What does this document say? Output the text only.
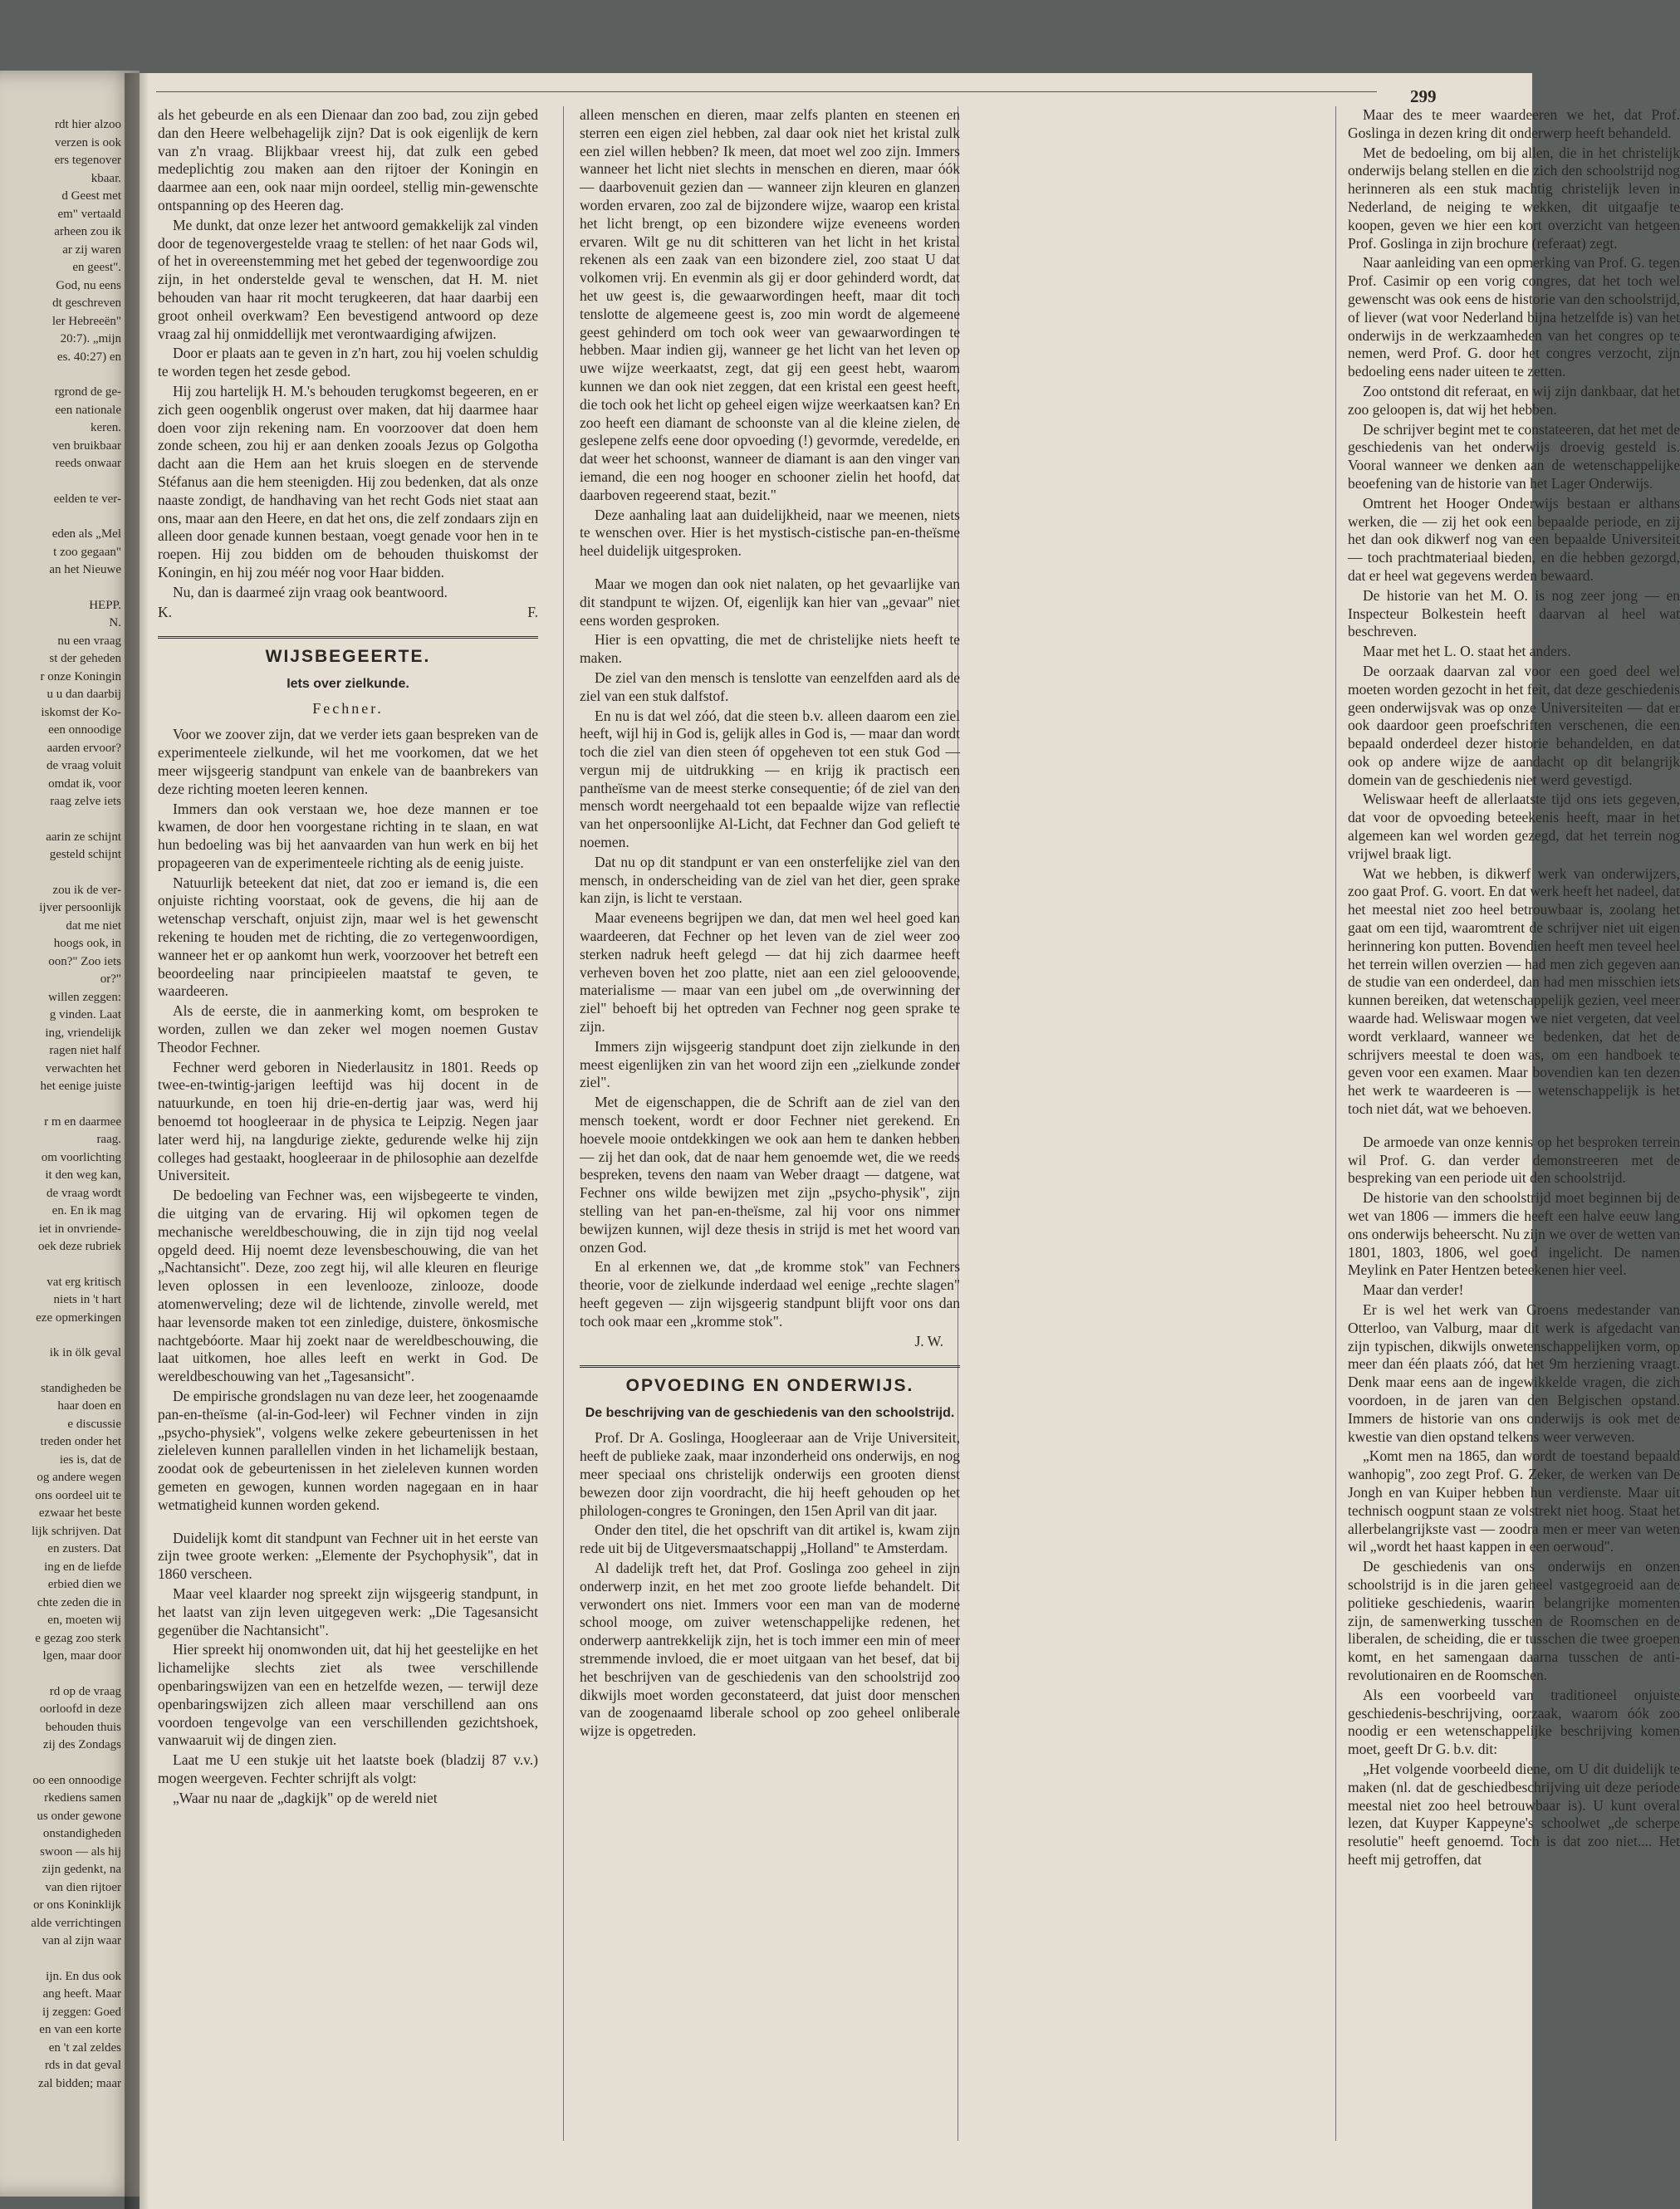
rdt hier alzoo
verzen is ook
ers tegenover
kbaar.
d Geest met
em" vertaald
arheen zou ik
ar zij waren
en geest".
God, nu eens
dt geschreven
ler Hebreeën"
20:7). „mijn
es. 40:27) en
rgrond de ge-
een nationale
keren.
ven bruikbaar
reeds onwaar
eelden te ver-
eden als „Mel
t zoo gegaan"
an het Nieuwe
HEPP.
N.
nu een vraag
st der geheden
r onze Koningin
u u dan daarbij
iskomst der Ko-
een onnoodige
aarden ervoor?
de vraag voluit
omdat ik, voor
raag zelve iets
aarin ze schijnt
gesteld schijnt
zou ik de ver-
ijver persoonlijk
dat me niet
hoogs ook, in
oon?" Zoo iets
or?"
willen zeggen:
g vinden. Laat
ing, vriendelijk
ragen niet half
verwachten het
het eenige juiste
r m en daarmee
raag.
om voorlichting
it den weg kan,
de vraag wordt
en. En ik mag
iet in onvriende-
oek deze rubriek
vat erg kritisch
niets in 't hart
eze opmerkingen
ik in ölk geval
standigheden be
haar doen en
e discussie
treden onder het
ies is, dat de
og andere wegen
ons oordeel uit te
ezwaar het beste
lijk schrijven. Dat
en zusters. Dat
ing en de liefde
erbied dien we
chte zeden die in
en, moeten wij
e gezag zoo sterk
lgen, maar door
rd op de vraag
oorloofd in deze
behouden thuis
zij des Zondags
oo een onnoodige
rkediens samen
us onder gewone
onstandigheden
swoon — als hij
zijn gedenkt, na
van dien rijtoer
or ons Koninklijk
alde verrichtingen
van al zijn waar
ijn. En dus ook
ang heeft. Maar
ij zeggen: Goed
en van een korte
en 't zal zeldes
rds in dat geval
zal bidden; maar
299

als het gebeurde en als een Dienaar dan zoo bad, zou zijn gebed dan den Heere welbehagelijk zijn? Dat is ook eigenlijk de kern van z'n vraag. Blijkbaar vreest hij, dat zulk een gebed medeplichtig zou maken aan den rijtoer der Koningin en daarmee aan een, ook naar mijn oordeel, stellig min-gewenschte ontspanning op des Heeren dag.

Me dunkt, dat onze lezer het antwoord gemakkelijk zal vinden door de tegenovergestelde vraag te stellen: of het naar Gods wil, of het in overeenstemming met het gebed der tegenwoordige zou zijn, in het onderstelde geval te wenschen, dat H. M. niet behouden van haar rit mocht terugkeeren, dat haar daarbij een groot onheil overkwam? Een bevestigend antwoord op deze vraag zal hij onmiddellijk met verontwaardiging afwijzen.

Door er plaats aan te geven in z'n hart, zou hij voelen schuldig te worden tegen het zesde gebod.

Hij zou hartelijk H. M.'s behouden terugkomst begeeren, en er zich geen oogenblik ongerust over maken, dat hij daarmee haar doen voor zijn rekening nam. En voorzoover dat doen hem zonde scheen, zou hij er aan denken zooals Jezus op Golgotha dacht aan die Hem aan het kruis sloegen en de stervende Stéfanus aan die hem steenigden. Hij zou bedenken, dat als onze naaste zondigt, de handhaving van het recht Gods niet staat aan ons, maar aan den Heere, en dat het ons, die zelf zondaars zijn en alleen door genade kunnen bestaan, voegt genade voor hen in te roepen. Hij zou bidden om de behouden thuiskomst der Koningin, en hij zou méér nog voor Haar bidden.

Nu, dan is daarmeé zijn vraag ook beantwoord.

K.	F.
WIJSBEGEERTE.
Iets over zielkunde.
Fechner.

Voor we zoover zijn, dat we verder iets gaan bespreken van de experimenteele zielkunde, wil het me voorkomen, dat we het meer wijsgeerig standpunt van enkele van de baanbrekers van deze richting moeten leeren kennen.

Immers dan ook verstaan we, hoe deze mannen er toe kwamen, de door hen voorgestane richting in te slaan, en wat hun bedoeling was bij het aanvaarden van hun werk en bij het propageeren van de experimenteele richting als de eenig juiste.

Natuurlijk beteekent dat niet, dat zoo er iemand is, die een onjuiste richting voorstaat, ook de gevens, die hij aan de wetenschap verschaft, onjuist zijn, maar wel is het gewenscht rekening te houden met de richting, die zo vertegenwoordigen, wanneer het er op aankomt hun werk, voorzoover het betreft een beoordeeling naar principieelen maatstaf te geven, te waardeeren.

Als de eerste, die in aanmerking komt, om besproken te worden, zullen we dan zeker wel mogen noemen Gustav Theodor Fechner.

Fechner werd geboren in Niederlausitz in 1801. Reeds op twee-en-twintig-jarigen leeftijd was hij docent in de natuurkunde, en toen hij drie-en-dertig jaar was, werd hij benoemd tot hoogleeraar in de physica te Leipzig. Negen jaar later werd hij, na langdurige ziekte, gedurende welke hij zijn colleges had gestaakt, hoogleeraar in de philosophie aan dezelfde Universiteit.

De bedoeling van Fechner was, een wijsbegeerte te vinden, die uitging van de ervaring. Hij wil opkomen tegen de mechanische wereldbeschouwing, die in zijn tijd nog veelal opgeld deed. Hij noemt deze levensbeschouwing, die van het „Nachtansicht". Deze, zoo zegt hij, wil alle kleuren en fleurige leven oplossen in een levenlooze, zinlooze, doode atomenwerveling; deze wil de lichtende, zinvolle wereld, met haar levensorde maken tot een zinledige, duistere, önkosmische nachtgebóorte. Maar hij zoekt naar de wereldbeschouwing, die laat uitkomen, hoe alles leeft en werkt in God. De wereldbeschouwing van het „Tagesansicht".

De empirische grondslagen nu van deze leer, het zoogenaamde pan-en-theïsme (al-in-God-leer) wil Fechner vinden in zijn „psycho-physiek", volgens welke zekere gebeurtenissen in het zieleleven kunnen parallellen vinden in het lichamelijk bestaan, zoodat ook de gebeurtenissen in het zieleleven kunnen worden gemeten en gewogen, kunnen worden nagegaan en in haar wetmatigheid kunnen worden gekend.

Duidelijk komt dit standpunt van Fechner uit in het eerste van zijn twee groote werken: „Elemente der Psychophysik", dat in 1860 verscheen.

Maar veel klaarder nog spreekt zijn wijsgeerig standpunt, in het laatst van zijn leven uitgegeven werk: „Die Tagesansicht gegenüber die Nachtansicht".

Hier spreekt hij onomwonden uit, dat hij het geestelijke en het lichamelijke slechts ziet als twee verschillende openbaringswijzen van een en hetzelfde wezen, — terwijl deze openbaringswijzen zich alleen maar verschillend aan ons voordoen tengevolge van een verschillenden gezichtshoek, vanwaaruit wij de dingen zien.

Laat me U een stukje uit het laatste boek (bladzij 87 v.v.) mogen weergeven. Fechter schrijft als volgt:

„Waar nu naar de „dagkijk" op de wereld niet

alleen menschen en dieren, maar zelfs planten en steenen en sterren een eigen ziel hebben, zal daar ook niet het kristal zulk een ziel willen hebben? Ik meen, dat moet wel zoo zijn. Immers wanneer het licht niet slechts in menschen en dieren, maar óók — daarbovenuit gezien dan — wanneer zijn kleuren en glanzen worden ervaren, zoo zal de bijzondere wijze, waarop een kristal het licht brengt, op een bizondere wijze eveneens worden ervaren. Wilt ge nu dit schitteren van het licht in het kristal rekenen als een zaak van een bizondere ziel, zoo staat U dat volkomen vrij. En evenmin als gij er door gehinderd wordt, dat het uw geest is, die gewaarwordingen heeft, maar dit toch tenslotte de algemeene geest is, zoo min wordt de algemeene geest gehinderd om toch ook weer van gewaarwordingen te hebben. Maar indien gij, wanneer ge het licht van het leven op uwe wijze weerkaatst, zegt, dat gij een geest hebt, waarom kunnen we dan ook niet zeggen, dat een kristal een geest heeft, die toch ook het licht op geheel eigen wijze weerkaatsen kan? En zoo heeft een diamant de schoonste van al die kleine zielen, de geslepene zelfs eene door opvoeding (!) gevormde, veredelde, en dat weer het schoonst, wanneer de diamant is aan den vinger van iemand, die een nog hooger en schooner zielin het hoofd, dat daarboven regeerend staat, bezit."

Deze aanhaling laat aan duidelijkheid, naar we meenen, niets te wenschen over. Hier is het mystisch-cistische pan-en-theïsme heel duidelijk uitgesproken.

Maar we mogen dan ook niet nalaten, op het gevaarlijke van dit standpunt te wijzen. Of, eigenlijk kan hier van „gevaar" niet eens worden gesproken.

Hier is een opvatting, die met de christelijke niets heeft te maken.

De ziel van den mensch is tenslotte van eenzelfden aard als de ziel van een stuk dalfstof.

En nu is dat wel zóó, dat die steen b.v. alleen daarom een ziel heeft, wijl hij in God is, gelijk alles in God is, — maar dan wordt toch die ziel van dien steen óf opgeheven tot een stuk God — vergun mij de uitdrukking — en krijg ik practisch een pantheïsme van de meest sterke consequentie; óf de ziel van den mensch wordt neergehaald tot een bepaalde wijze van reflectie van het onpersoonlijke Al-Licht, dat Fechner dan God gelieft te noemen.

Dat nu op dit standpunt er van een onsterfelijke ziel van den mensch, in onderscheiding van de ziel van het dier, geen sprake kan zijn, is licht te verstaan.

Maar eveneens begrijpen we dan, dat men wel heel goed kan waardeeren, dat Fechner op het leven van de ziel weer zoo sterken nadruk heeft gelegd — dat hij zich daarmee heeft verheven boven het zoo platte, niet aan een ziel gelooovende, materialisme — maar van een jubel om „de overwinning der ziel" behoeft bij het optreden van Fechner nog geen sprake te zijn.

Immers zijn wijsgeerig standpunt doet zijn zielkunde in den meest eigenlijken zin van het woord zijn een „zielkunde zonder ziel".

Met de eigenschappen, die de Schrift aan de ziel van den mensch toekent, wordt er door Fechner niet gerekend. En hoevele mooie ontdekkingen we ook aan hem te danken hebben — zij het dan ook, dat de naar hem genoemde wet, die we reeds bespreken, tevens den naam van Weber draagt — datgene, wat Fechner ons wilde bewijzen met zijn „psycho-physik", zijn stelling van het pan-en-theïsme, zal hij voor ons nimmer bewijzen kunnen, wijl deze thesis in strijd is met het woord van onzen God.

En al erkennen we, dat „de kromme stok" van Fechners theorie, voor de zielkunde inderdaad wel eenige „rechte slagen" heeft gegeven — zijn wijsgeerig standpunt blijft voor ons dan toch ook maar een „kromme stok".

J. W.

OPVOEDING EN ONDERWIJS.
De beschrijving van de geschiedenis van den schoolstrijd.

Prof. Dr A. Goslinga, Hoogleeraar aan de Vrije Universiteit, heeft de publieke zaak, maar inzonderheid ons onderwijs, en nog meer speciaal ons christelijk onderwijs een grooten dienst bewezen door zijn voordracht, die hij heeft gehouden op het philologen-congres te Groningen, den 15en April van dit jaar.

Onder den titel, die het opschrift van dit artikel is, kwam zijn rede uit bij de Uitgeversmaatschappij „Holland" te Amsterdam.

Al dadelijk treft het, dat Prof. Goslinga zoo geheel in zijn onderwerp inzit, en het met zoo groote liefde behandelt. Dit verwondert ons niet. Immers voor een man van de moderne school mooge, om zuiver wetenschappelijke redenen, het onderwerp aantrekkelijk zijn, het is toch immer een min of meer stremmende invloed, die er moet uitgaan van het besef, dat bij het beschrijven van de geschiedenis van den schoolstrijd zoo dikwijls moet worden geconstateerd, dat juist door menschen van de zoogenaamd liberale school op zoo geheel onliberale wijze is opgetreden.

Maar des te meer waardeeren we het, dat Prof. Goslinga in dezen kring dit onderwerp heeft behandeld.

Met de bedoeling, om bij allen, die in het christelijk onderwijs belang stellen en die zich den schoolstrijd nog herinneren als een stuk machtig christelijk leven in Nederland, de neiging te wekken, dit uitgaafje te koopen, geven we hier een kort overzicht van hetgeen Prof. Goslinga in zijn brochure (referaat) zegt.

Naar aanleiding van een opmerking van Prof. G. tegen Prof. Casimir op een vorig congres, dat het toch wel gewenscht was ook eens de historie van den schoolstrijd, of liever (wat voor Nederland bijna hetzelfde is) van het onderwijs in de werkzaamheden van het congres op te nemen, werd Prof. G. door het congres verzocht, zijn bedoeling eens nader uiteen te zetten.

Zoo ontstond dit referaat, en wij zijn dankbaar, dat het zoo geloopen is, dat wij het hebben.

De schrijver begint met te constateeren, dat het met de geschiedenis van het onderwijs droevig gesteld is. Vooral wanneer we denken aan de wetenschappelijke beoefening van de historie van het Lager Onderwijs.

Omtrent het Hooger Onderwijs bestaan er althans werken, die — zij het ook een bepaalde periode, en zij het dan ook dikwerf nog van een bepaalde Universiteit — toch prachtmateriaal bieden, en die hebben gezorgd, dat er heel wat gegevens werden bewaard.

De historie van het M. O. is nog zeer jong — en Inspecteur Bolkestein heeft daarvan al heel wat beschreven.

Maar met het L. O. staat het anders.

De oorzaak daarvan zal voor een goed deel wel moeten worden gezocht in het feit, dat deze geschiedenis geen onderwijsvak was op onze Universiteiten — dat er ook daardoor geen proefschriften verschenen, die een bepaald onderdeel dezer historie behandelden, en dat ook op andere wijze de aandacht op dit belangrijk domein van de geschiedenis niet werd gevestigd.

Weliswaar heeft de allerlaatste tijd ons iets gegeven, dat voor de opvoeding beteekenis heeft, maar in het algemeen kan wel worden gezegd, dat het terrein nog vrijwel braak ligt.

Wat we hebben, is dikwerf werk van onderwijzers, zoo gaat Prof. G. voort. En dat werk heeft het nadeel, dat het meestal niet zoo heel betrouwbaar is, zoolang het gaat om een tijd, waaromtrent de schrijver niet uit eigen herinnering kon putten. Bovendien heeft men teveel heel het terrein willen overzien — had men zich gegeven aan de studie van een onderdeel, dan had men misschien iets kunnen bereiken, dat wetenschappelijk gezien, veel meer waarde had. Weliswaar mogen we niet vergeten, dat veel wordt verklaard, wanneer we bedenken, dat het de schrijvers meestal te doen was, om een handboek te geven voor een examen. Maar bovendien kan ten dezen het werk te waardeeren is — wetenschappelijk is het toch niet dát, wat we behoeven.

De armoede van onze kennis op het besproken terrein wil Prof. G. dan verder demonstreeren met de bespreking van een periode uit den schoolstrijd.

De historie van den schoolstrijd moet beginnen bij de wet van 1806 — immers die heeft een halve eeuw lang ons onderwijs beheerscht. Nu zijn we over de wetten van 1801, 1803, 1806, wel goed ingelicht. De namen Meylink en Pater Hentzen beteekenen hier veel.

Maar dan verder!

Er is wel het werk van Groens medestander van Otterloo, van Valburg, maar dit werk is afgedacht van zijn typischen, dikwijls onwetenschappelijken vorm, op meer dan één plaats zóó, dat het 9m herziening vraagt. Denk maar eens aan de ingewikkelde vragen, die zich voordoen, in de jaren van den Belgischen opstand. Immers de historie van ons onderwijs is ook met de kwestie van dien opstand telkens weer verweven.

„Komt men na 1865, dan wordt de toestand bepaald wanhopig", zoo zegt Prof. G. Zeker, de werken van De Jongh en van Kuiper hebben hun verdienste. Maar uit technisch oogpunt staan ze volstrekt niet hoog. Staat het allerbelangrijkste vast — zoodra men er meer van weten wil „wordt het haast kappen in een oerwoud".

De geschiedenis van ons onderwijs en onzen schoolstrijd is in die jaren geheel vastgegroeid aan de politieke geschiedenis, waarin belangrijke momenten zijn, de samenwerking tusschen de Roomschen en de liberalen, de scheiding, die er tusschen die twee groepen komt, en het samengaan daarna tusschen de anti-revolutionairen en de Roomschen.

Als een voorbeeld van traditioneel onjuiste geschiedenis-beschrijving, oorzaak, waarom óók zoo noodig er een wetenschappelijke beschrijving komen moet, geeft Dr G. b.v. dit:

„Het volgende voorbeeld diene, om U dit duidelijk te maken (nl. dat de geschiedbeschrijving uit deze periode meestal niet zoo heel betrouwbaar is). U kunt overal lezen, dat Kuyper Kappeyne's schoolwet „de scherpe resolutie" heeft genoemd. Toch is dat zoo niet.... Het heeft mij getroffen, dat
